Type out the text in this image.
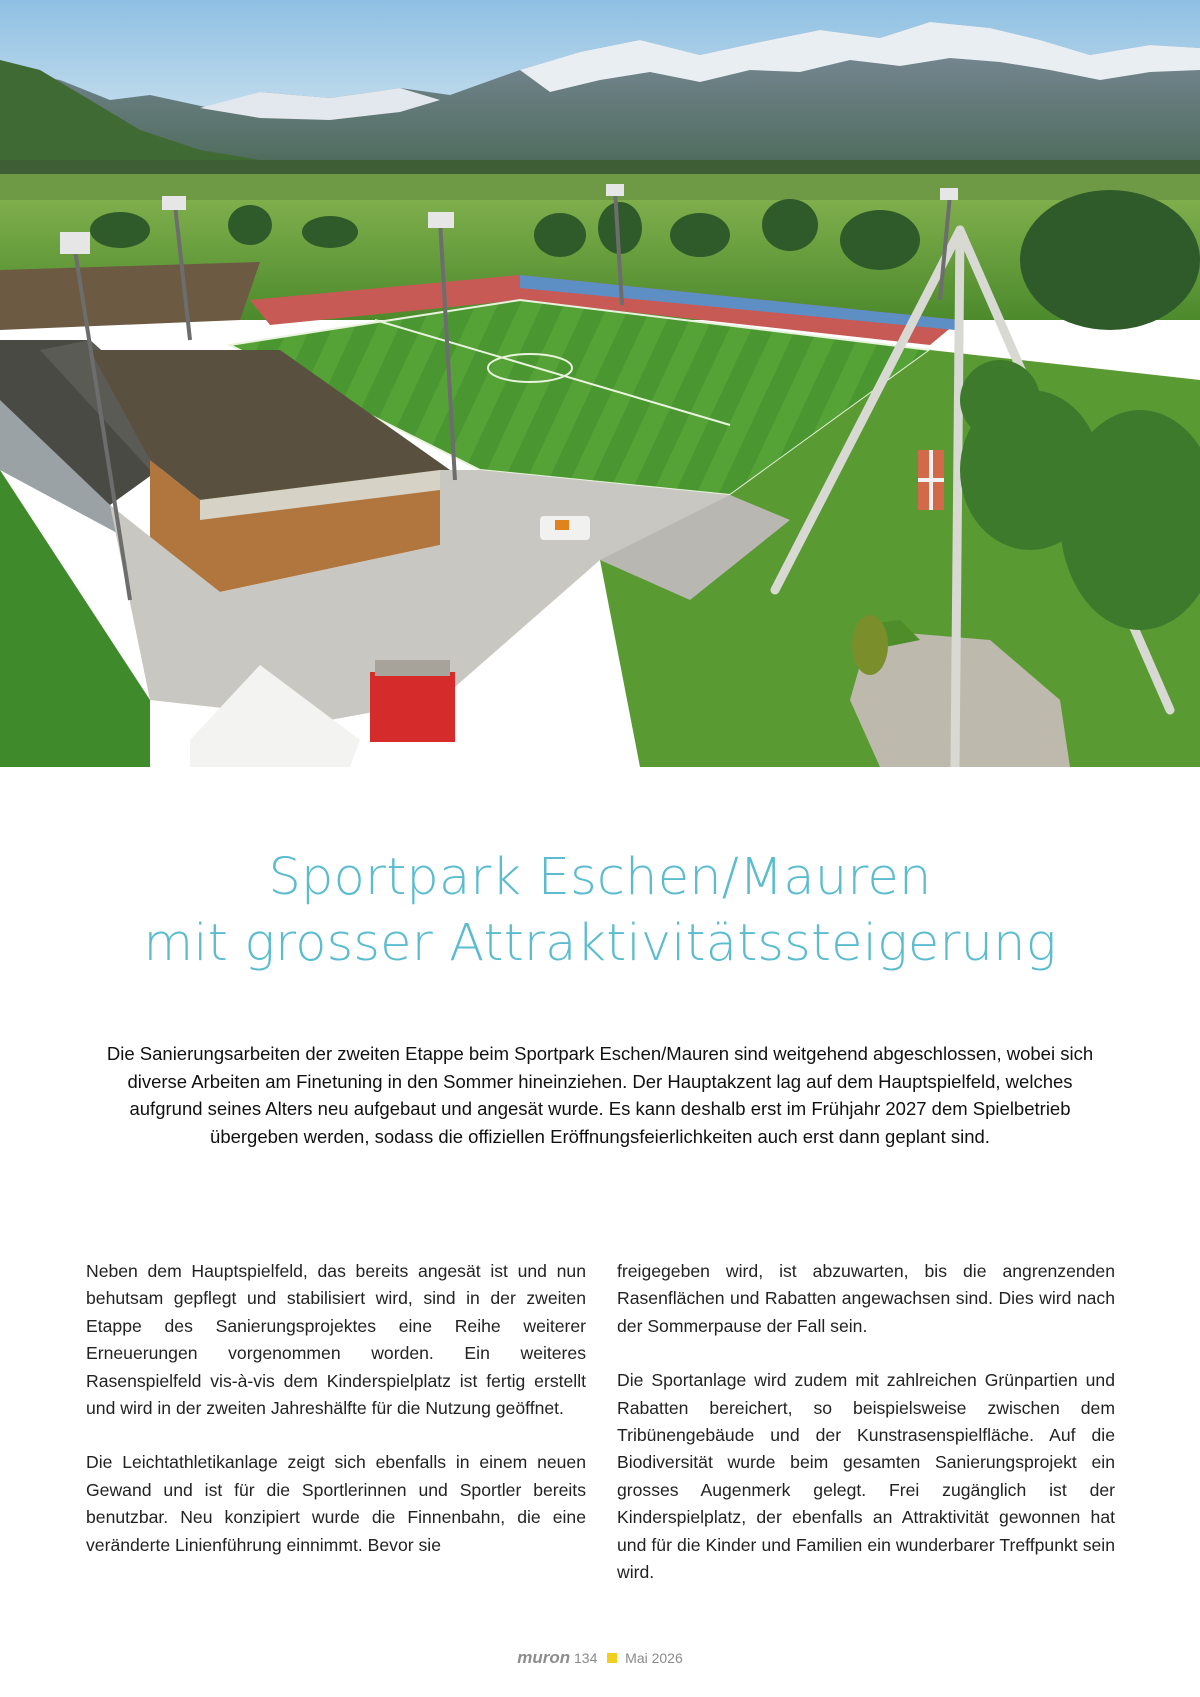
Sportpark Eschen/Mauren
mit grosser Attraktivitätssteigerung

Die Sanierungsarbeiten der zweiten Etappe beim Sportpark Eschen/Mauren sind weitgehend abgeschlossen, wobei sich diverse Arbeiten am Finetuning in den Sommer hineinziehen. Der Hauptakzent lag auf dem Hauptspielfeld, welches aufgrund seines Alters neu aufgebaut und angesät wurde. Es kann deshalb erst im Frühjahr 2027 dem Spielbetrieb übergeben werden, sodass die offiziellen Eröffnungsfeierlichkeiten auch erst dann geplant sind.

Neben dem Hauptspielfeld, das bereits angesät ist und nun behutsam gepflegt und stabilisiert wird, sind in der zweiten Etappe des Sanierungsprojektes eine Reihe weiterer Erneuerungen vorgenommen worden. Ein weiteres Rasenspielfeld vis-à-vis dem Kinderspielplatz ist fertig erstellt und wird in der zweiten Jahreshälfte für die Nutzung geöffnet.

Die Leichtathletikanlage zeigt sich ebenfalls in einem neuen Gewand und ist für die Sportlerinnen und Sportler bereits benutzbar. Neu konzipiert wurde die Finnenbahn, die eine veränderte Linienführung einnimmt. Bevor sie

freigegeben wird, ist abzuwarten, bis die angrenzenden Rasenflächen und Rabatten angewachsen sind. Dies wird nach der Sommerpause der Fall sein.

Die Sportanlage wird zudem mit zahlreichen Grünpartien und Rabatten bereichert, so beispielsweise zwischen dem Tribünengebäude und der Kunstrasenspielfläche. Auf die Biodiversität wurde beim gesamten Sanierungsprojekt ein grosses Augenmerk gelegt. Frei zugänglich ist der Kinderspielplatz, der ebenfalls an Attraktivität gewonnen hat und für die Kinder und Familien ein wunderbarer Treffpunkt sein wird.

muron 134 Mai 2026
